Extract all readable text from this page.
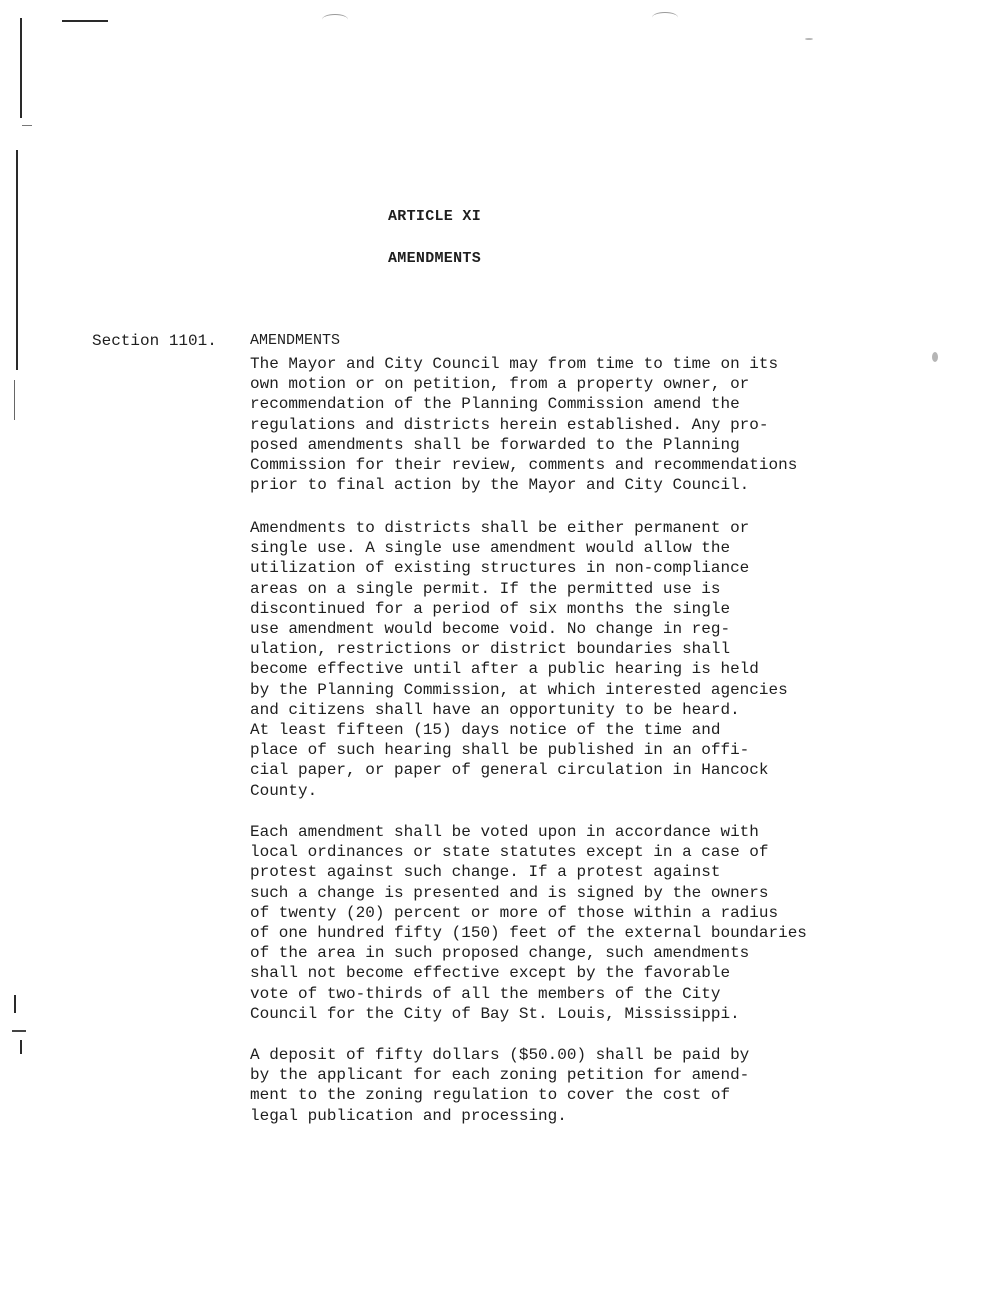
ARTICLE XI
AMENDMENTS
Section 1101. AMENDMENTS

The Mayor and City Council may from time to time on its
own motion or on petition, from a property owner, or
recommendation of the Planning Commission amend the
regulations and districts herein established. Any pro-
posed amendments shall be forwarded to the Planning
Commission for their review, comments and recommendations
prior to final action by the Mayor and City Council.

Amendments to districts shall be either permanent or
single use. A single use amendment would allow the
utilization of existing structures in non-compliance
areas on a single permit. If the permitted use is
discontinued for a period of six months the single
use amendment would become void. No change in reg-
ulation, restrictions or district boundaries shall
become effective until after a public hearing is held
by the Planning Commission, at which interested agencies
and citizens shall have an opportunity to be heard.
At least fifteen (15) days notice of the time and
place of such hearing shall be published in an offi-
cial paper, or paper of general circulation in Hancock
County.

Each amendment shall be voted upon in accordance with
local ordinances or state statutes except in a case of
protest against such change. If a protest against
such a change is presented and is signed by the owners
of twenty (20) percent or more of those within a radius
of one hundred fifty (150) feet of the external boundaries
of the area in such proposed change, such amendments
shall not become effective except by the favorable
vote of two-thirds of all the members of the City
Council for the City of Bay St. Louis, Mississippi.

A deposit of fifty dollars ($50.00) shall be paid by
by the applicant for each zoning petition for amend-
ment to the zoning regulation to cover the cost of
legal publication and processing.
